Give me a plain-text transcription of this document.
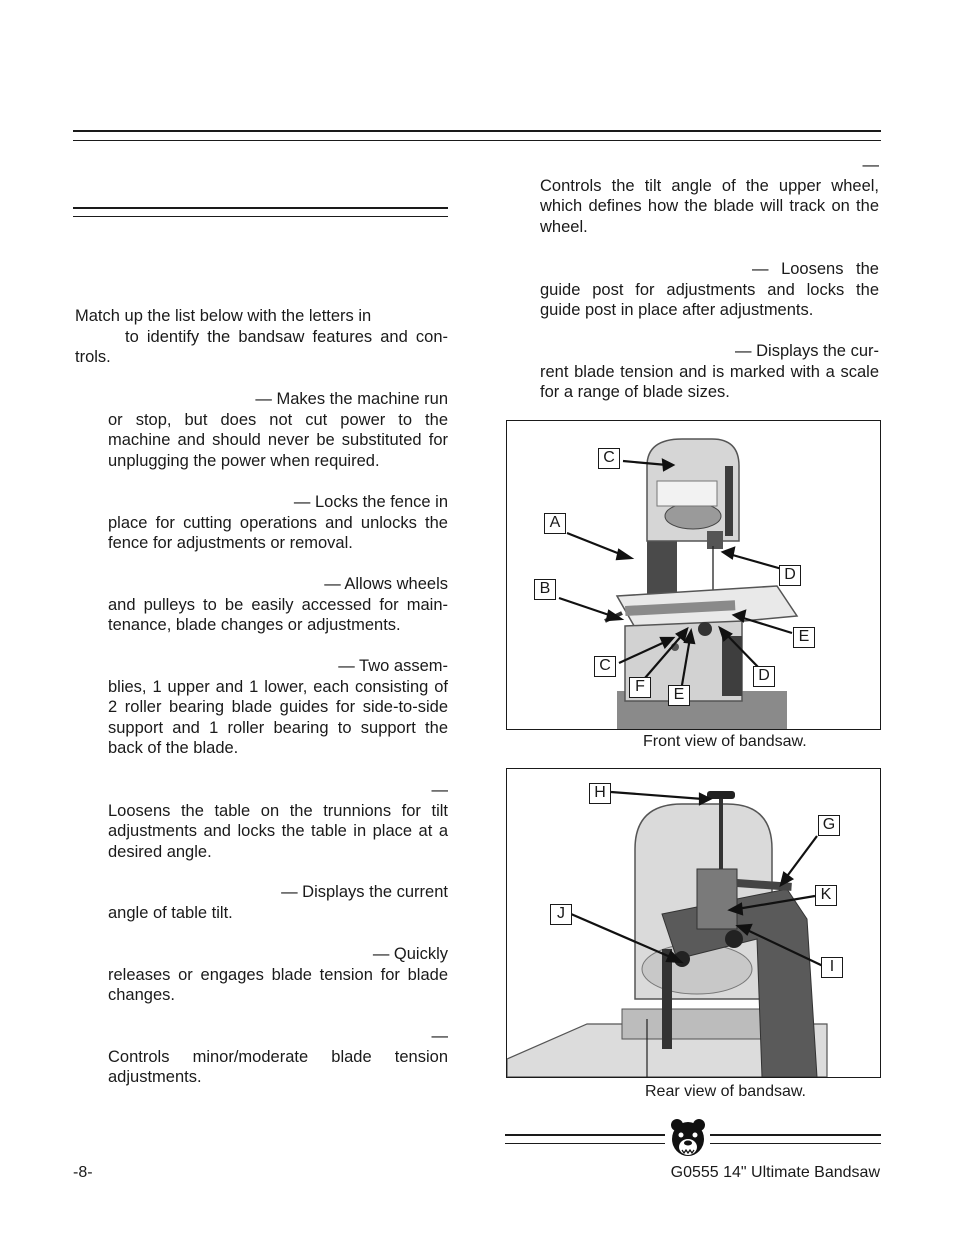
Match up the list below with the letters in
to identify the bandsaw features and con-
trols.
— Makes the machine run
or stop, but does not cut power to the
machine and should never be substituted for
unplugging the power when required.
— Locks the fence in
place for cutting operations and unlocks the
fence for adjustments or removal.
— Allows wheels
and pulleys to be easily accessed for main-
tenance, blade changes or adjustments.
— Two assem-
blies, 1 upper and 1 lower, each consisting of
2 roller bearing blade guides for side-to-side
support and 1 roller bearing to support the
back of the blade.
—
Loosens the table on the trunnions for tilt
adjustments and locks the table in place at a
desired angle.
— Displays the current
angle of table tilt.
— Quickly
releases or engages blade tension for blade
changes.
—
Controls minor/moderate blade tension
adjustments.
—
Controls the tilt angle of the upper wheel,
which defines how the blade will track on the
wheel.
— Loosens the
guide post for adjustments and locks the
guide post in place after adjustments.
— Displays the cur-
rent blade tension and is marked with a scale
for a range of blade sizes.
C
A
D
B
E
C
D
F	E
Front view of bandsaw.
H
G
K
J
I
Rear view of bandsaw.
-8-	G0555 14" Ultimate Bandsaw
